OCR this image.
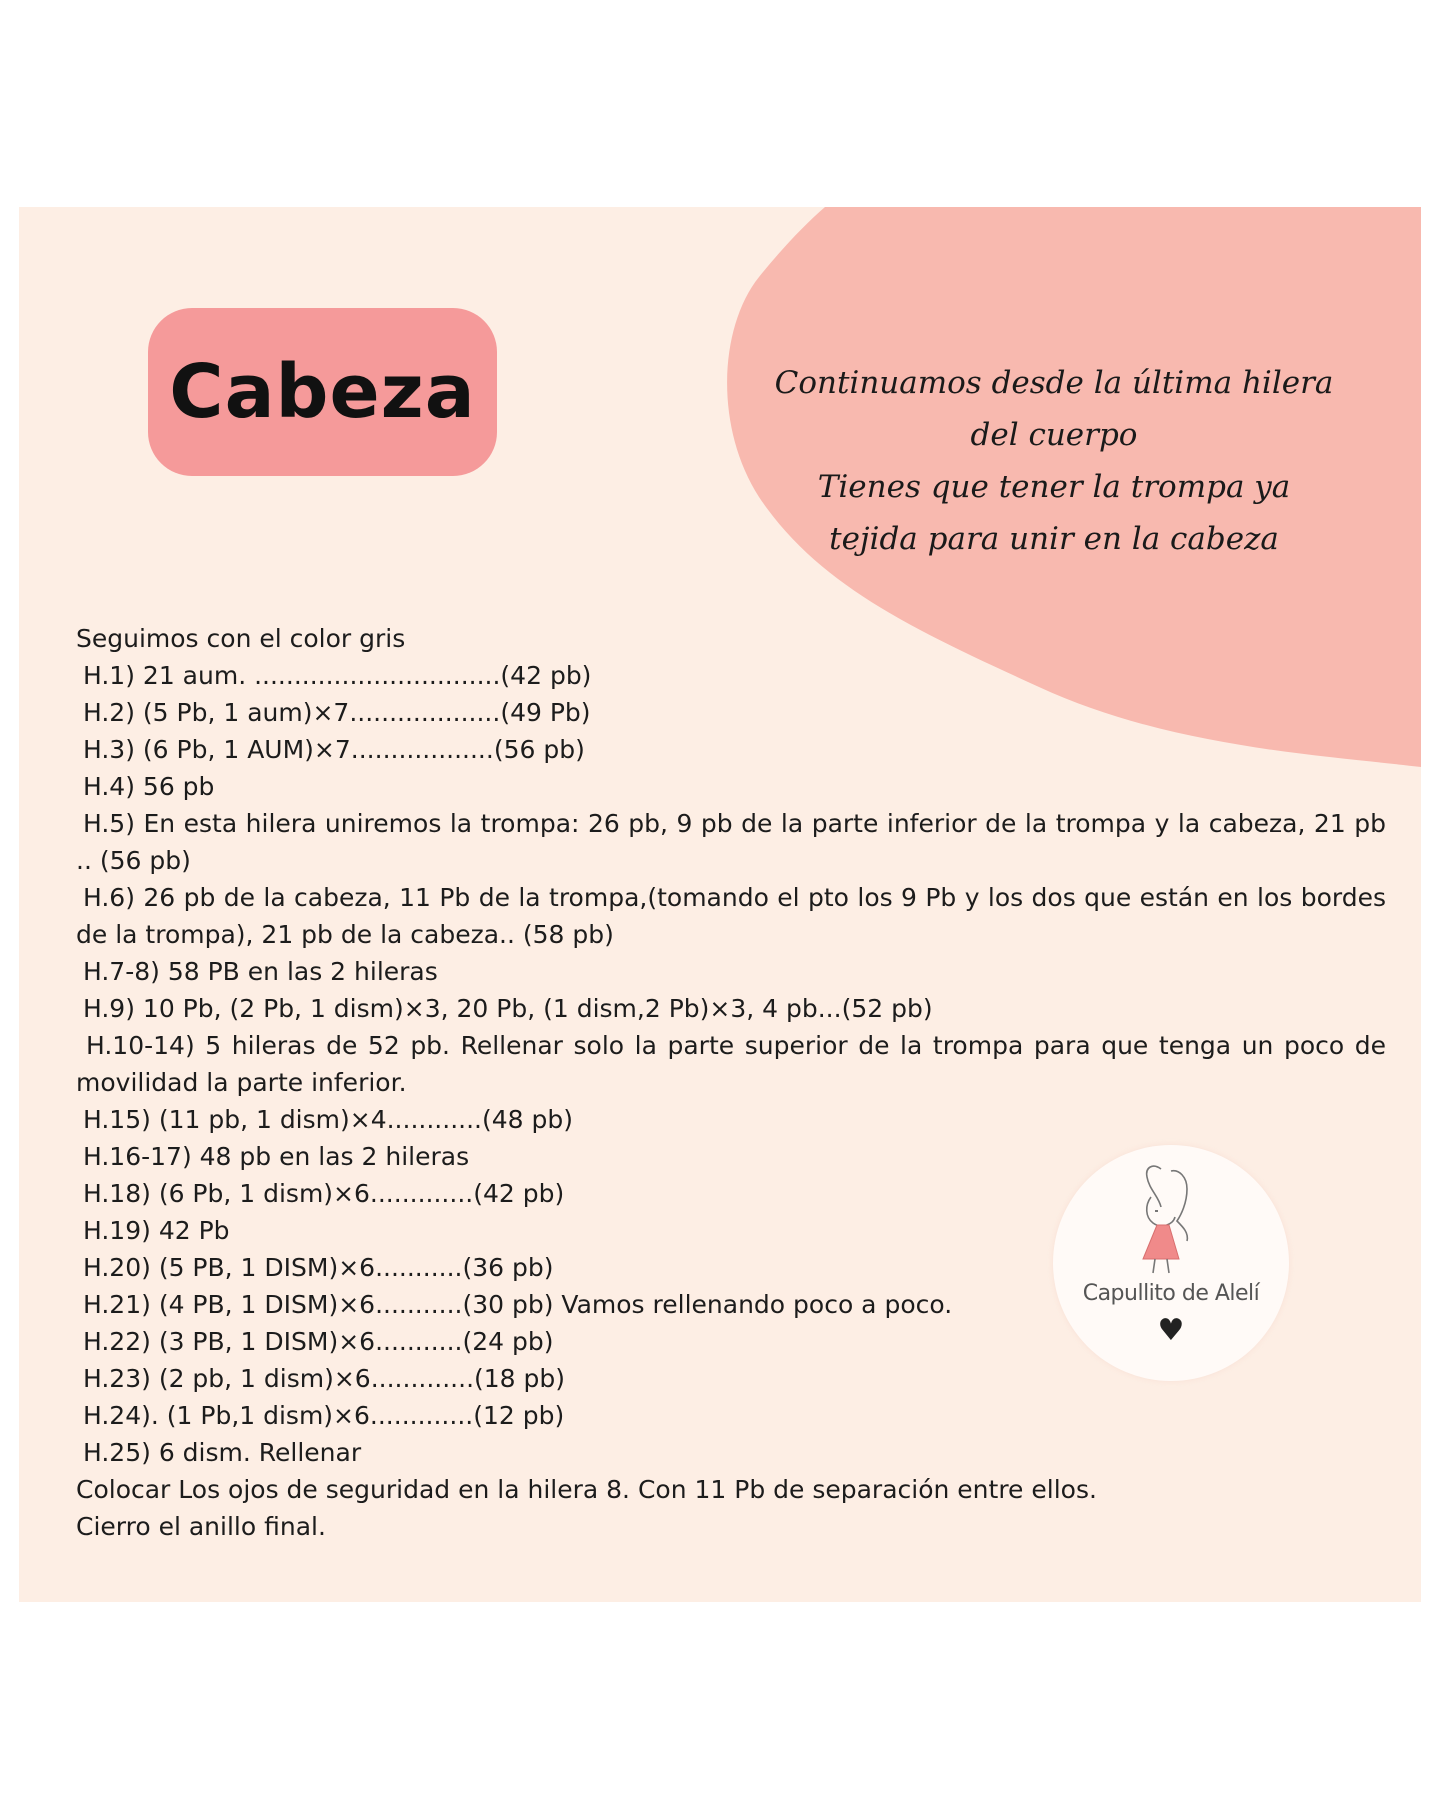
Cabeza	Continuamos desde la última hilera
del cuerpo
Tienes que tener la trompa ya
tejida para unir en la cabeza
Seguimos con el color gris
H.1) 21 aum. ...............................(42 pb)
H.2) (5 Pb, 1 aum)×7...................(49 Pb)
H.3) (6 Pb, 1 AUM)×7..................(56 pb)
H.4) 56 pb
H.5) En esta hilera uniremos la trompa: 26 pb, 9 pb de la parte inferior de la trompa y la cabeza, 21 pb .. (56 pb)
H.6) 26 pb de la cabeza, 11 Pb de la trompa,(tomando el pto los 9 Pb y los dos que están en los bordes de la trompa), 21 pb de la cabeza.. (58 pb)
H.7-8) 58 PB en las 2 hileras
H.9) 10 Pb, (2 Pb, 1 dism)×3, 20 Pb, (1 dism,2 Pb)×3, 4 pb...(52 pb)
H.10-14) 5 hileras de 52 pb. Rellenar solo la parte superior de la trompa para que tenga un poco de movilidad la parte inferior.
H.15) (11 pb, 1 dism)×4............(48 pb)
H.16-17) 48 pb en las 2 hileras
H.18) (6 Pb, 1 dism)×6.............(42 pb)
H.19) 42 Pb
H.20) (5 PB, 1 DISM)×6...........(36 pb)
H.21) (4 PB, 1 DISM)×6...........(30 pb) Vamos rellenando poco a poco.
H.22) (3 PB, 1 DISM)×6...........(24 pb)
H.23) (2 pb, 1 dism)×6.............(18 pb)
H.24). (1 Pb,1 dism)×6.............(12 pb)
H.25) 6 dism. Rellenar
Colocar Los ojos de seguridad en la hilera 8. Con 11 Pb de separación entre ellos.
Cierro el anillo final.
Capullito de Alelí
♥
